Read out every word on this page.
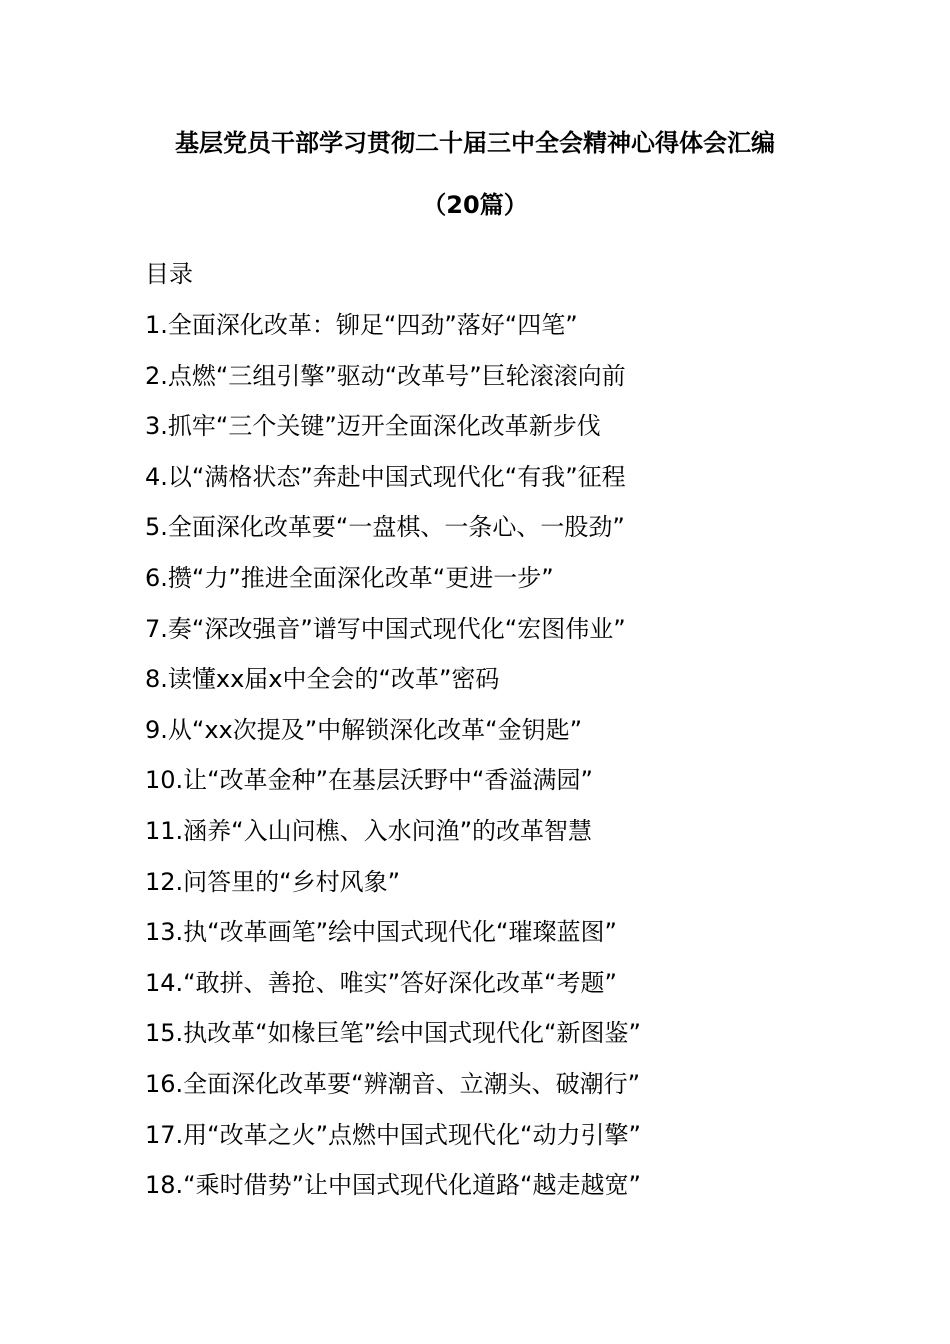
基层党员干部学习贯彻二十届三中全会精神心得体会汇编
（20篇）
目录
1.全面深化改革：铆足“四劲”落好“四笔”
2.点燃“三组引擎”驱动“改革号”巨轮滚滚向前
3.抓牢“三个关键”迈开全面深化改革新步伐
4.以“满格状态”奔赴中国式现代化“有我”征程
5.全面深化改革要“一盘棋、一条心、一股劲”
6.攒“力”推进全面深化改革“更进一步”
7.奏“深改强音”谱写中国式现代化“宏图伟业”
8.读懂xx届x中全会的“改革”密码
9.从“xx次提及”中解锁深化改革“金钥匙”
10.让“改革金种”在基层沃野中“香溢满园”
11.涵养“入山问樵、入水问渔”的改革智慧
12.问答里的“乡村风象”
13.执“改革画笔”绘中国式现代化“璀璨蓝图”
14.“敢拼、善抢、唯实”答好深化改革“考题”
15.执改革“如椽巨笔”绘中国式现代化“新图鉴”
16.全面深化改革要“辨潮音、立潮头、破潮行”
17.用“改革之火”点燃中国式现代化“动力引擎”
18.“乘时借势”让中国式现代化道路“越走越宽”
